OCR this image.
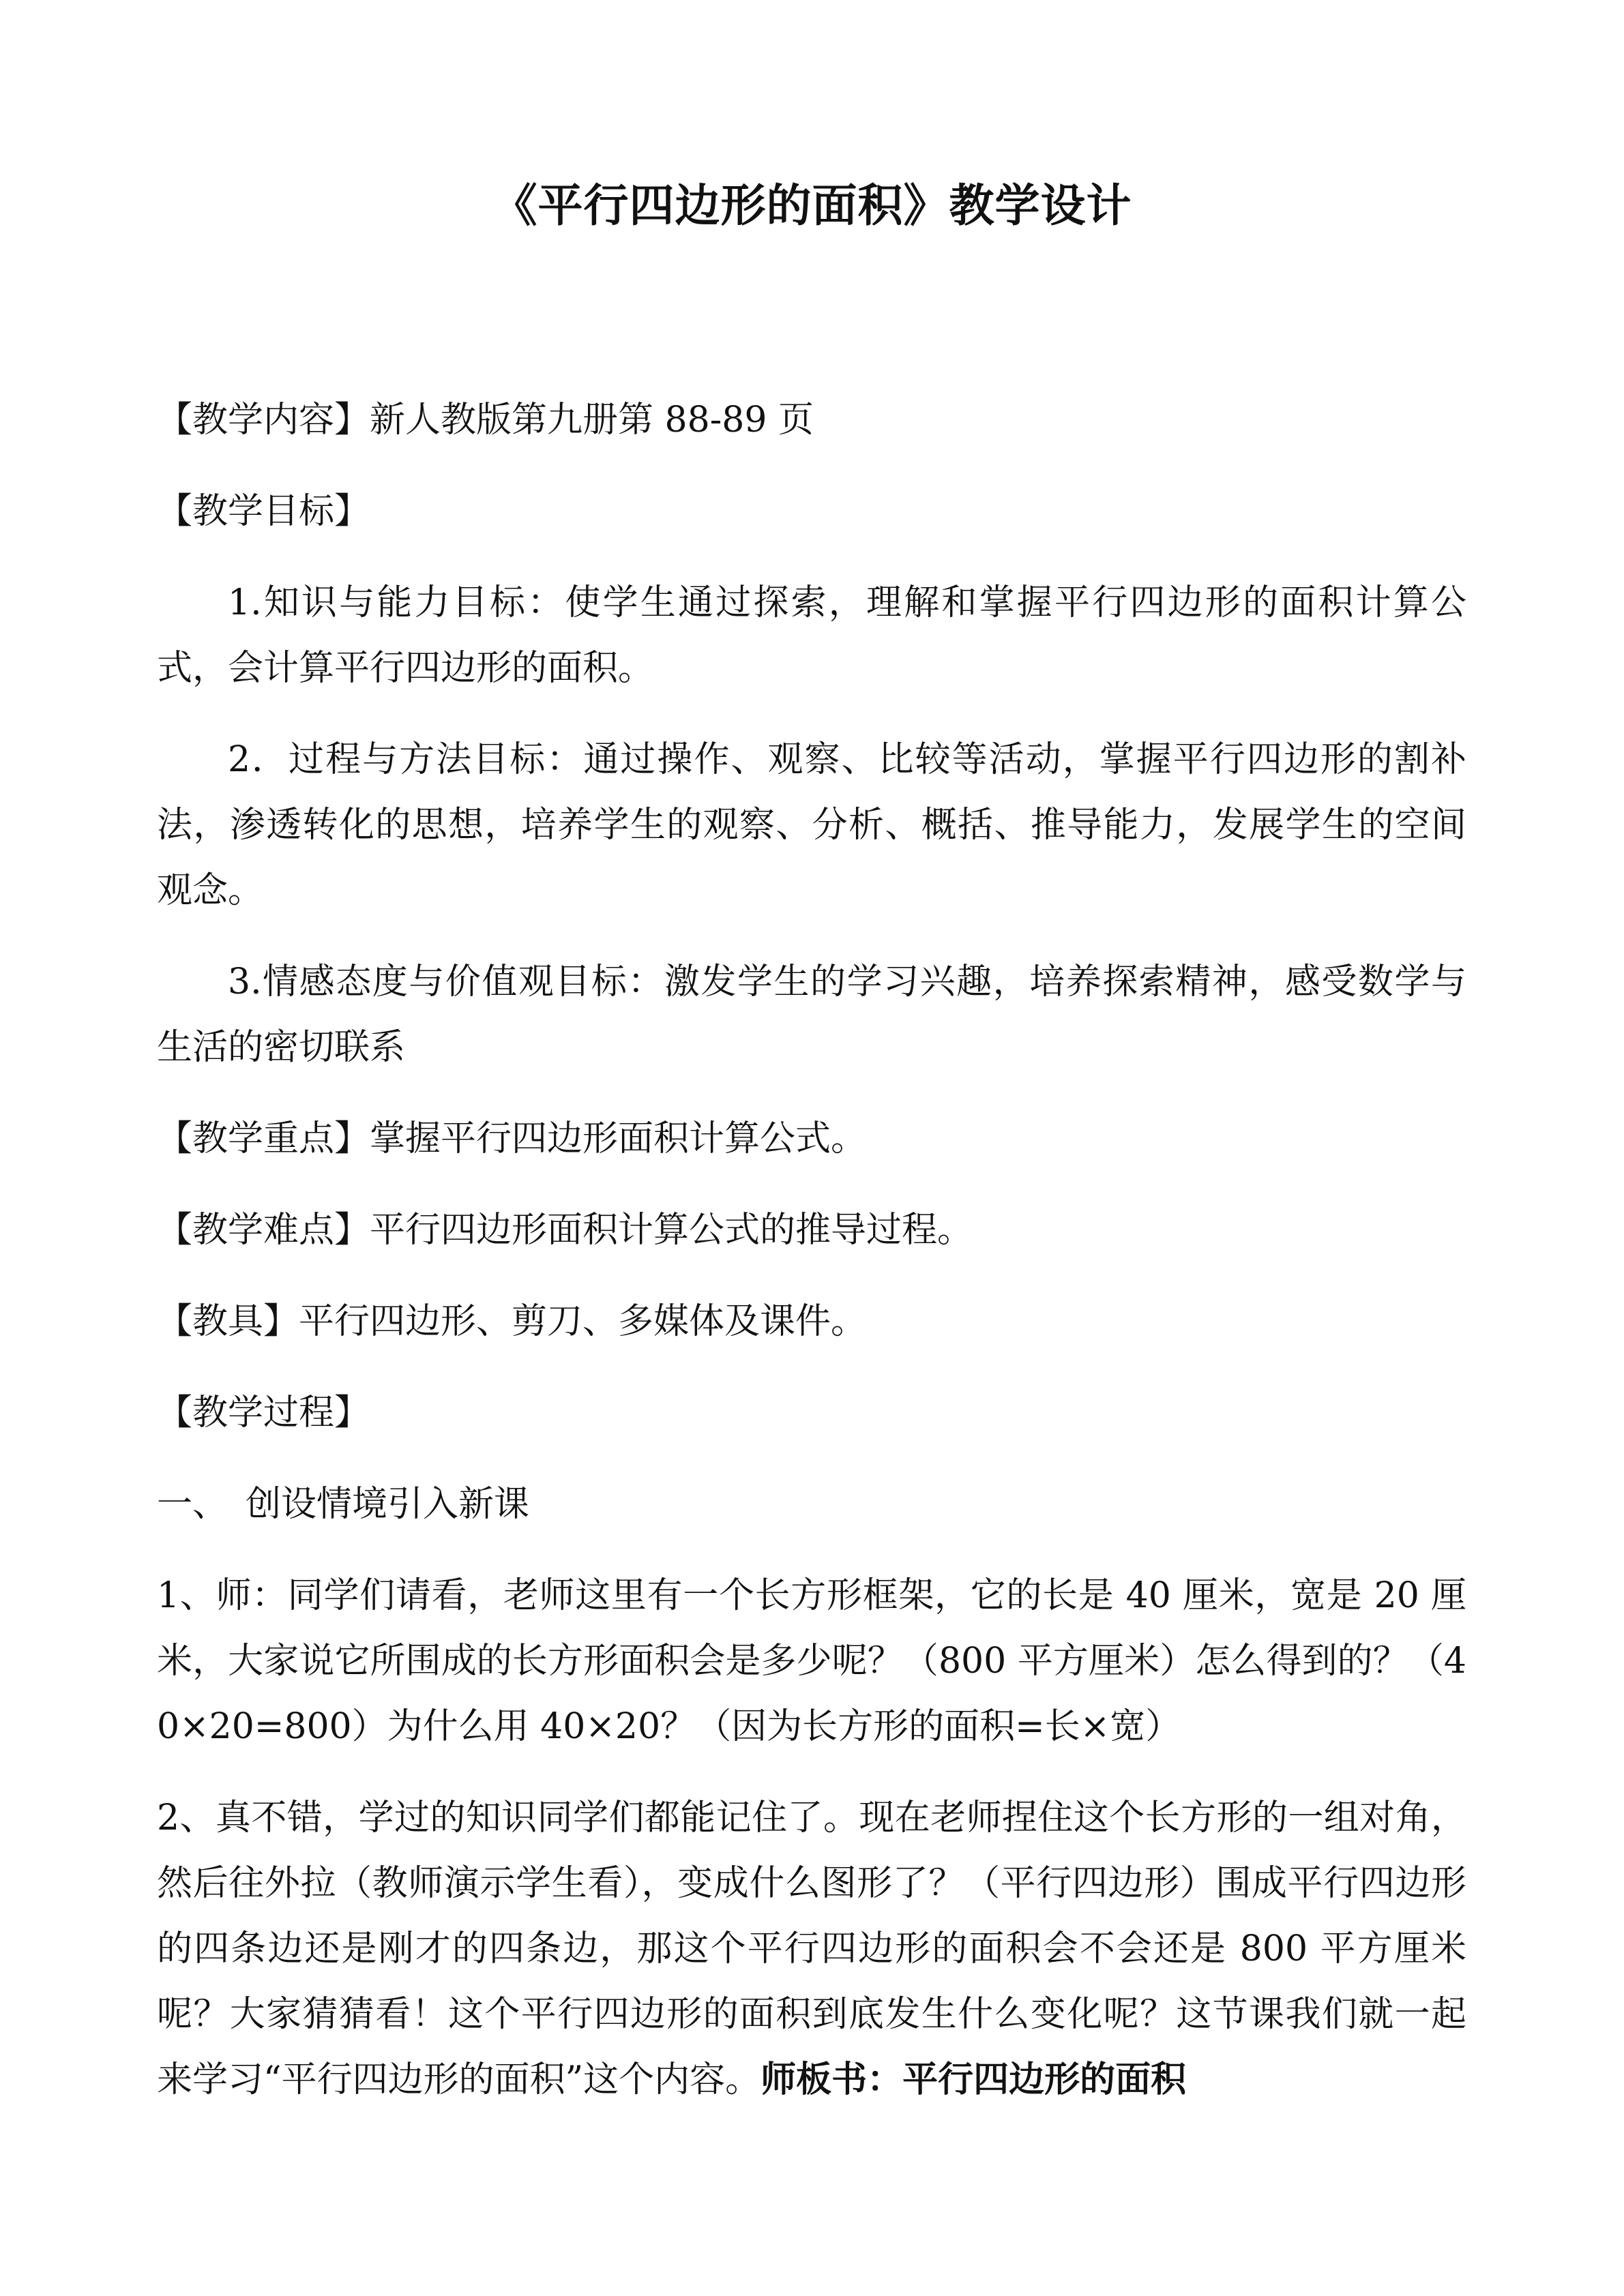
《平行四边形的面积》教学设计

【教学内容】新人教版第九册第 88-89 页

【教学目标】

1.知识与能力目标：使学生通过探索，理解和掌握平行四边形的面积计算公式，会计算平行四边形的面积。

2．过程与方法目标：通过操作、观察、比较等活动，掌握平行四边形的割补法，渗透转化的思想，培养学生的观察、分析、概括、推导能力，发展学生的空间观念。

3.情感态度与价值观目标：激发学生的学习兴趣，培养探索精神，感受数学与生活的密切联系

【教学重点】掌握平行四边形面积计算公式。

【教学难点】平行四边形面积计算公式的推导过程。

【教具】平行四边形、剪刀、多媒体及课件。

【教学过程】

一、　创设情境引入新课

1、师：同学们请看，老师这里有一个长方形框架，它的长是 40 厘米，宽是 20 厘米，大家说它所围成的长方形面积会是多少呢？（800 平方厘米）怎么得到的？（40×20=800）为什么用 40×20？（因为长方形的面积=长×宽）

2、真不错，学过的知识同学们都能记住了。现在老师捏住这个长方形的一组对角，然后往外拉（教师演示学生看），变成什么图形了？（平行四边形）围成平行四边形的四条边还是刚才的四条边，那这个平行四边形的面积会不会还是 800 平方厘米呢？大家猜猜看！这个平行四边形的面积到底发生什么变化呢？这节课我们就一起来学习“平行四边形的面积”这个内容。师板书：平行四边形的面积
